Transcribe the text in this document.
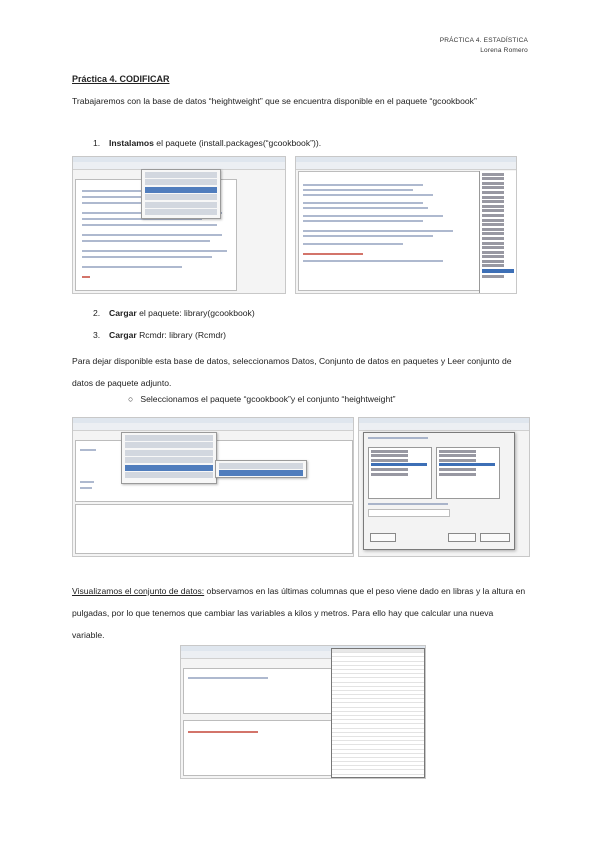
PRÁCTICA 4. ESTADÍSTICA
Lorena Romero
Práctica 4. CODIFICAR
Trabajaremos con la base de datos “heightweight” que se encuentra disponible en el paquete “gcookbook”
1. Instalamos el paquete (install.packages(“gcookbook”)).
2. Cargar el paquete: library(gcookbook)
3. Cargar Rcmdr: library (Rcmdr)
Para dejar disponible esta base de datos, seleccionamos Datos, Conjunto de datos en paquetes y Leer conjunto de datos de paquete adjunto.
○ Seleccionamos el paquete “gcookbook”y el conjunto “heightweight”
Visualizamos el conjunto de datos: observamos en las últimas columnas que el peso viene dado en libras y la altura en pulgadas, por lo que tenemos que cambiar las variables a kilos y metros. Para ello hay que calcular una nueva variable.
